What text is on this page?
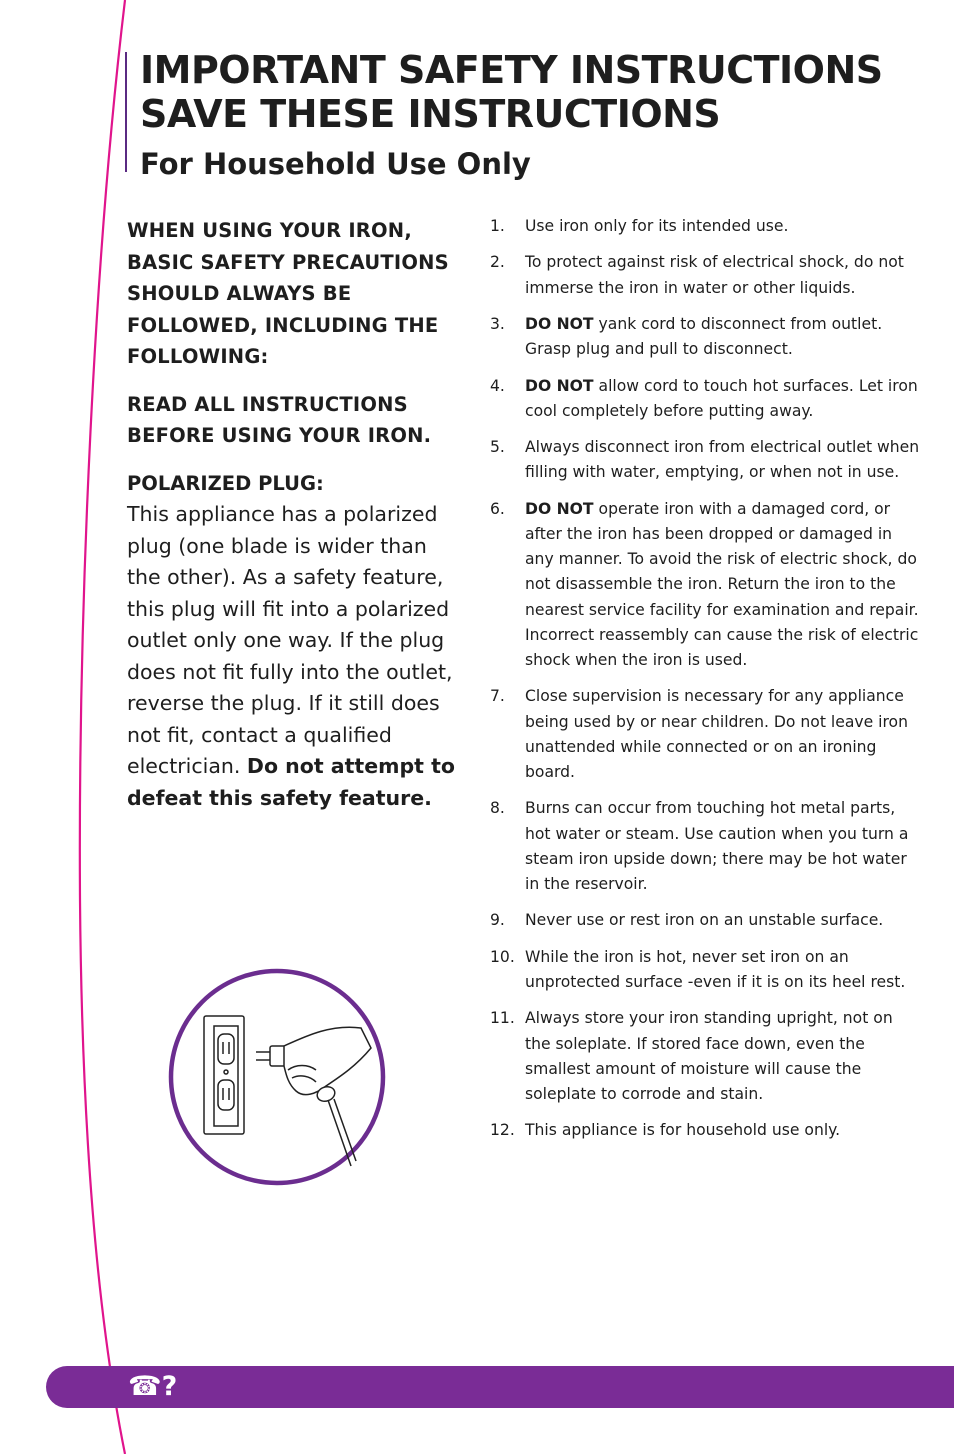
IMPORTANT SAFETY INSTRUCTIONS
SAVE THESE INSTRUCTIONS
For Household Use Only

WHEN USING YOUR IRON, BASIC SAFETY PRECAUTIONS SHOULD ALWAYS BE FOLLOWED, INCLUDING THE FOLLOWING:

READ ALL INSTRUCTIONS BEFORE USING YOUR IRON.

POLARIZED PLUG:
This appliance has a polarized plug (one blade is wider than the other). As a safety feature, this plug will fit into a polarized outlet only one way. If the plug does not fit fully into the outlet, reverse the plug. If it still does not fit, contact a qualified electrician. Do not attempt to defeat this safety feature.
1.	Use iron only for its intended use.
2.	To protect against risk of electrical shock, do not immerse the iron in water or other liquids.
3.	DO NOT yank cord to disconnect from outlet. Grasp plug and pull to disconnect.
4.	DO NOT allow cord to touch hot surfaces. Let iron cool completely before putting away.
5.	Always disconnect iron from electrical outlet when filling with water, emptying, or when not in use.
6.	DO NOT operate iron with a damaged cord, or after the iron has been dropped or damaged in any manner. To avoid the risk of electric shock, do not disassemble the iron. Return the iron to the nearest service facility for examination and repair. Incorrect reassembly can cause the risk of electric shock when the iron is used.
7.	Close supervision is necessary for any appliance being used by or near children. Do not leave iron unattended while connected or on an ironing board.
8.	Burns can occur from touching hot metal parts, hot water or steam. Use caution when you turn a steam iron upside down; there may be hot water in the reservoir.
9.	Never use or rest iron on an unstable surface.
10. While the iron is hot, never set iron on an unprotected surface -even if it is on its heel rest.
11. Always store your iron standing upright, not on the soleplate. If stored face down, even the smallest amount of moisture will cause the soleplate to corrode and stain.
12. This appliance is for household use only.
☎?
